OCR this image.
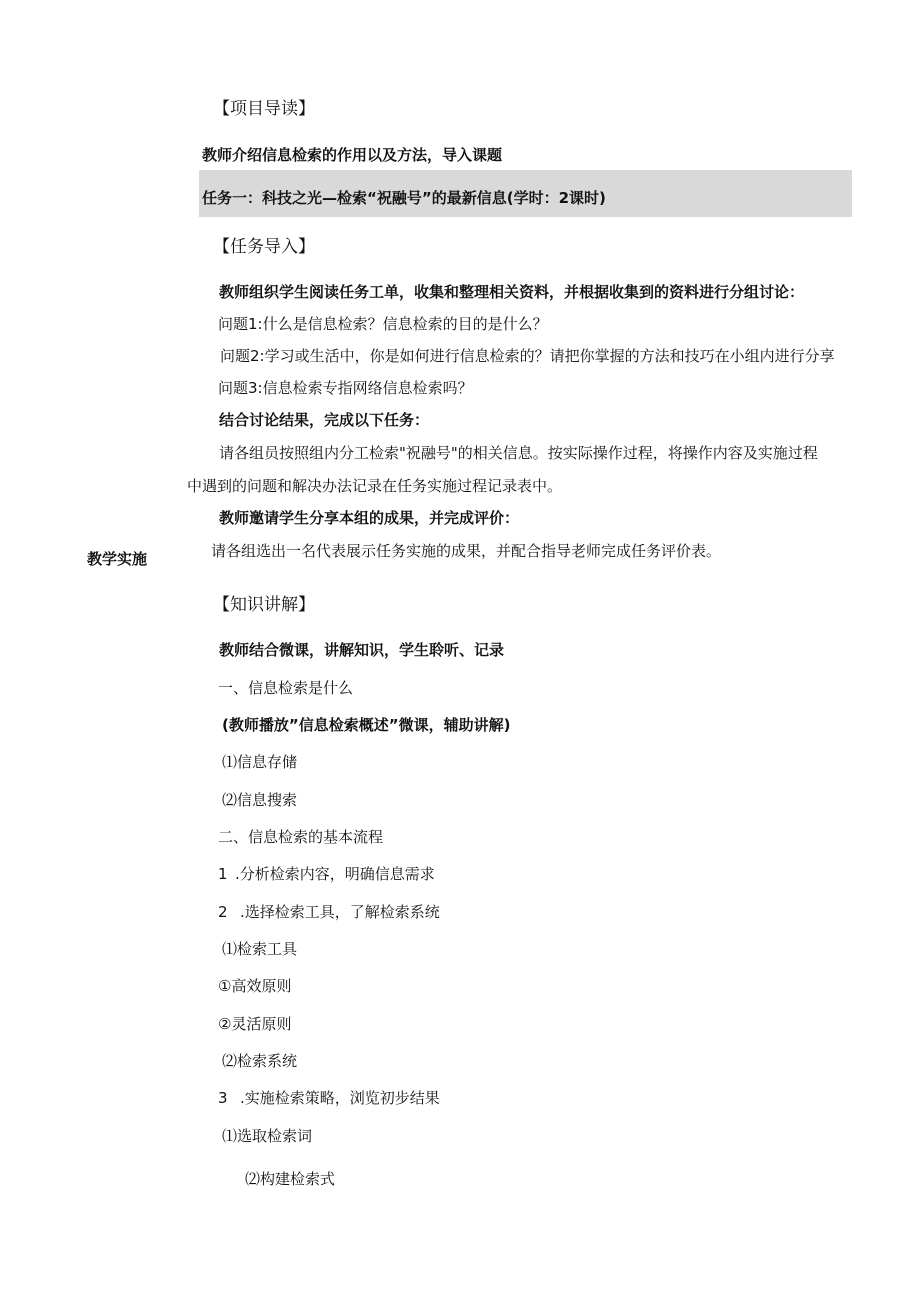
【项目导读】

教师介绍信息检索的作用以及方法，导入课题

任务一：科技之光—检索“祝融号”的最新信息(学时：2课时)

【任务导入】

教师组织学生阅读任务工单，收集和整理相关资料，并根据收集到的资料进行分组讨论：

问题1:什么是信息检索？信息检索的目的是什么？

问题2:学习或生活中，你是如何进行信息检索的？请把你掌握的方法和技巧在小组内进行分享

问题3:信息检索专指网络信息检索吗？

结合讨论结果，完成以下任务：

请各组员按照组内分工检索"祝融号"的相关信息。按实际操作过程，将操作内容及实施过程

中遇到的问题和解决办法记录在任务实施过程记录表中。

教师邀请学生分享本组的成果，并完成评价：

请各组选出一名代表展示任务实施的成果，并配合指导老师完成任务评价表。

教学实施

【知识讲解】

教师结合微课，讲解知识，学生聆听、记录

一、信息检索是什么

(教师播放”信息检索概述”微课，辅助讲解)

⑴信息存储

⑵信息搜索

二、信息检索的基本流程

1 .分析检索内容，明确信息需求

2 .选择检索工具，了解检索系统

⑴检索工具

①高效原则

②灵活原则

⑵检索系统

3 .实施检索策略，浏览初步结果

⑴选取检索词

⑵构建检索式
